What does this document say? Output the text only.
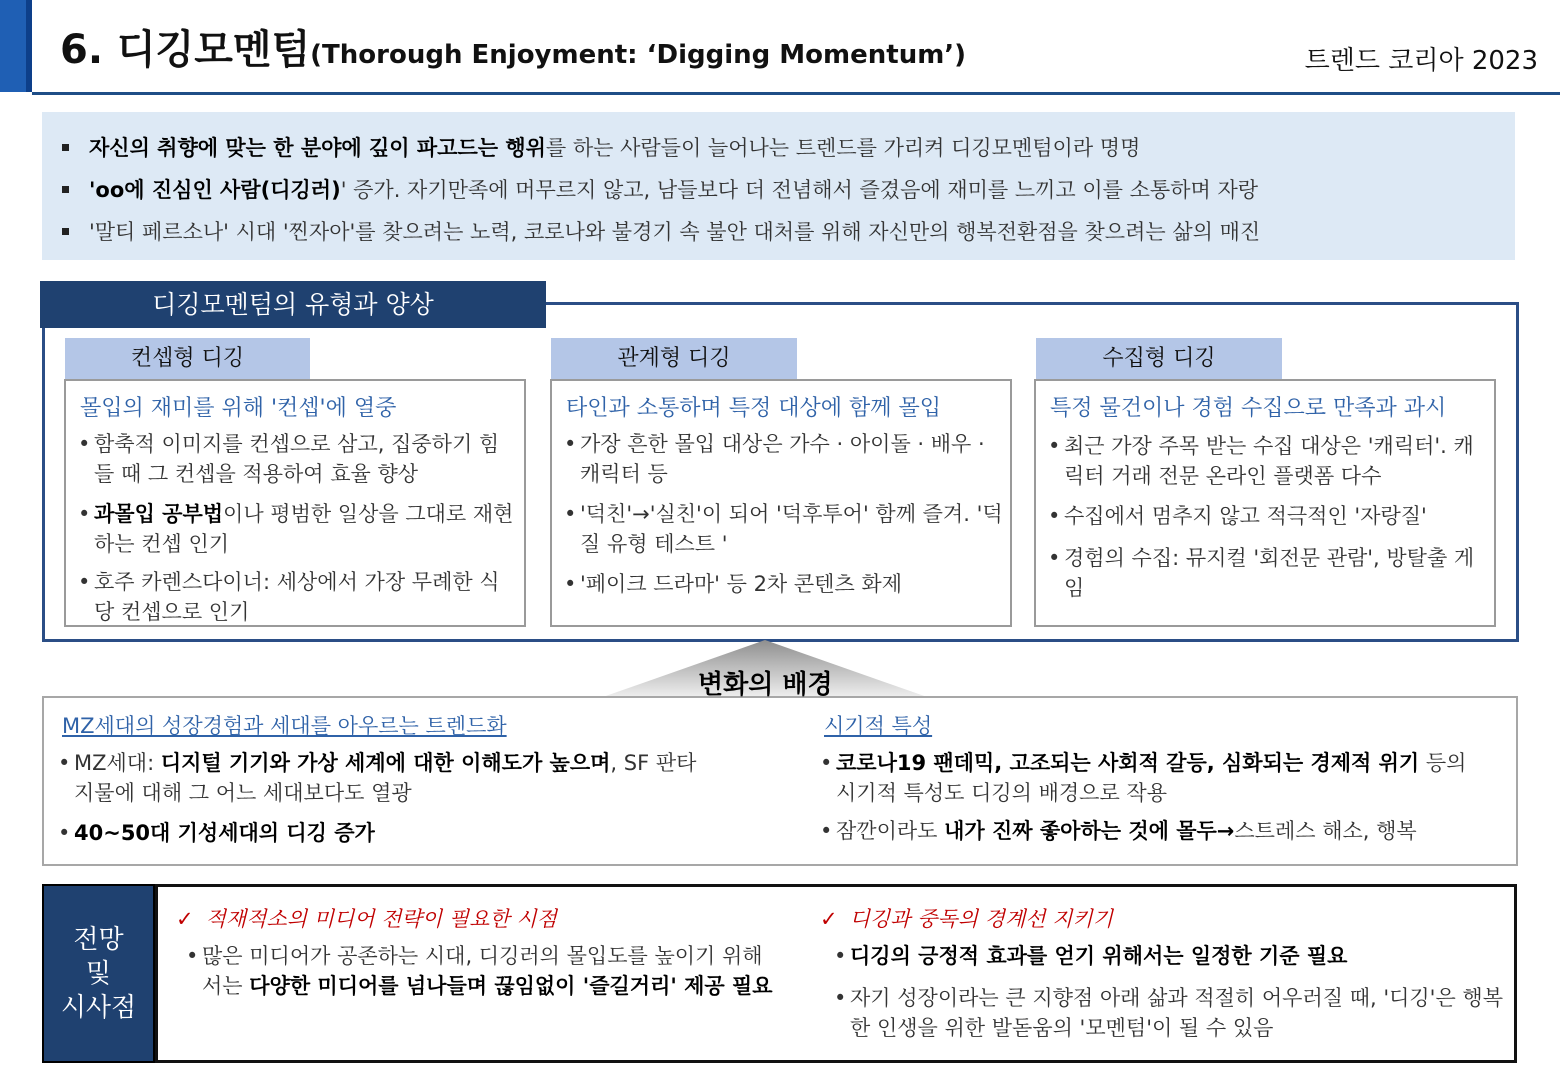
6. 디깅모멘텀(Thorough Enjoyment: ‘Digging Momentum’)	트렌드 코리아 2023
자신의 취향에 맞는 한 분야에 깊이 파고드는 행위를 하는 사람들이 늘어나는 트렌드를 가리켜 디깅모멘텀이라 명명
'oo에 진심인 사람(디깅러)' 증가. 자기만족에 머무르지 않고, 남들보다 더 전념해서 즐겼음에 재미를 느끼고 이를 소통하며 자랑
'말티 페르소나' 시대 '찐자아'를 찾으려는 노력, 코로나와 불경기 속 불안 대처를 위해 자신만의 행복전환점을 찾으려는 삶의 매진
디깅모멘텀의 유형과 양상
컨셉형 디깅
몰입의 재미를 위해 '컨셉'에 열중
• 함축적 이미지를 컨셉으로 삼고, 집중하기 힘들 때 그 컨셉을 적용하여 효율 향상
• 과몰입 공부법이나 평범한 일상을 그대로 재현하는 컨셉 인기
• 호주 카렌스다이너: 세상에서 가장 무례한 식당 컨셉으로 인기
관계형 디깅
타인과 소통하며 특정 대상에 함께 몰입
• 가장 흔한 몰입 대상은 가수 · 아이돌 · 배우 · 캐릭터 등
• '덕친'→'실친'이 되어 '덕후투어' 함께 즐겨. '덕질 유형 테스트 '
• '페이크 드라마' 등 2차 콘텐츠 화제
수집형 디깅
특정 물건이나 경험 수집으로 만족과 과시
• 최근 가장 주목 받는 수집 대상은 '캐릭터'. 캐릭터 거래 전문 온라인 플랫폼 다수
• 수집에서 멈추지 않고 적극적인 '자랑질'
• 경험의 수집: 뮤지컬 '회전문 관람', 방탈출 게임
MZ세대의 성장경험과 세대를 아우르는 트렌드화
• MZ세대: 디지털 기기와 가상 세계에 대한 이해도가 높으며, SF 판타지물에 대해 그 어느 세대보다도 열광
• 40~50대 기성세대의 디깅 증가
시기적 특성
• 코로나19 팬데믹, 고조되는 사회적 갈등, 심화되는 경제적 위기 등의 시기적 특성도 디깅의 배경으로 작용
• 잠깐이라도 내가 진짜 좋아하는 것에 몰두→스트레스 해소, 행복
변화의 배경
전망
및
시사점
✓ 적재적소의 미디어 전략이 필요한 시점
• 많은 미디어가 공존하는 시대, 디깅러의 몰입도를 높이기 위해서는 다양한 미디어를 넘나들며 끊임없이 '즐길거리' 제공 필요
✓ 디깅과 중독의 경계선 지키기
• 디깅의 긍정적 효과를 얻기 위해서는 일정한 기준 필요
• 자기 성장이라는 큰 지향점 아래 삶과 적절히 어우러질 때, '디깅'은 행복한 인생을 위한 발돋움의 '모멘텀'이 될 수 있음
